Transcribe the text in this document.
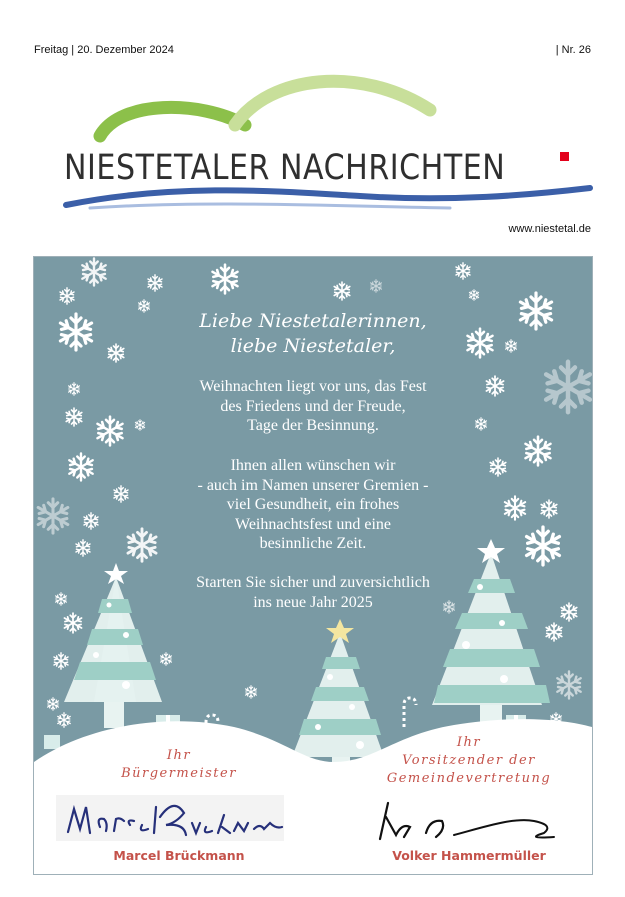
Freitag | 20. Dezember 2024	| Nr. 26
NIESTETALER NACHRICHTEN
www.niestetal.de
Liebe Niestetalerinnen,
liebe Niestetaler,
Weihnachten liegt vor uns, das Fest
des Friedens und der Freude,
Tage der Besinnung.
Ihnen allen wünschen wir
- auch im Namen unserer Gremien -
viel Gesundheit, ein frohes
Weihnachtsfest und eine
besinnliche Zeit.
Starten Sie sicher und zuversichtlich
ins neue Jahr 2025
Ihr
Bürgermeister
Ihr
Vorsitzender der
Gemeindevertretung
Marcel Brückmann	Volker Hammermüller
